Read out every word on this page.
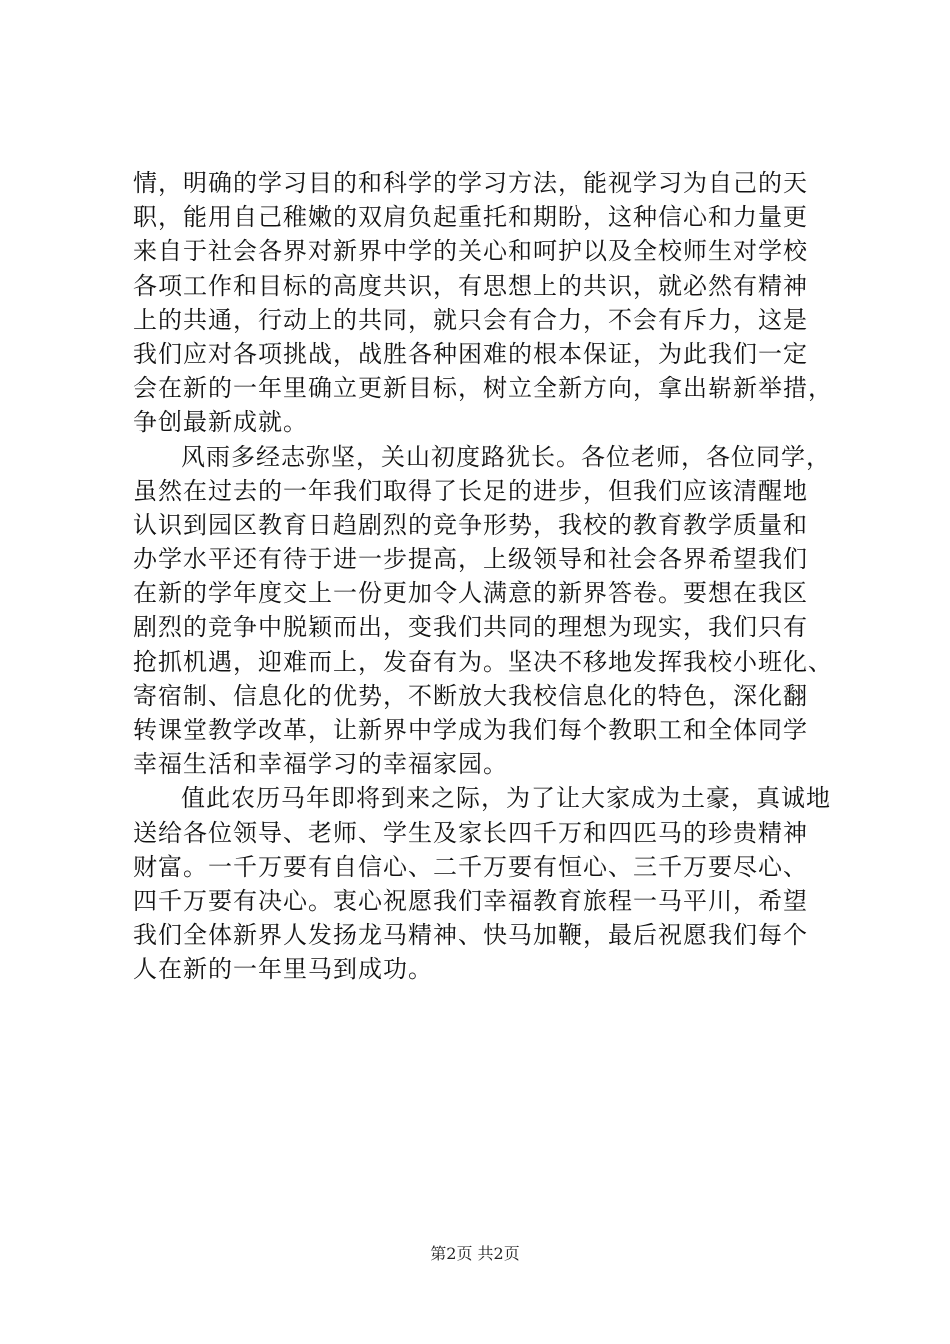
情，明确的学习目的和科学的学习方法，能视学习为自己的天
职，能用自己稚嫩的双肩负起重托和期盼，这种信心和力量更
来自于社会各界对新界中学的关心和呵护以及全校师生对学校
各项工作和目标的高度共识，有思想上的共识，就必然有精神
上的共通，行动上的共同，就只会有合力，不会有斥力，这是
我们应对各项挑战，战胜各种困难的根本保证，为此我们一定
会在新的一年里确立更新目标，树立全新方向，拿出崭新举措，
争创最新成就。
风雨多经志弥坚，关山初度路犹长。各位老师，各位同学，
虽然在过去的一年我们取得了长足的进步，但我们应该清醒地
认识到园区教育日趋剧烈的竞争形势，我校的教育教学质量和
办学水平还有待于进一步提高，上级领导和社会各界希望我们
在新的学年度交上一份更加令人满意的新界答卷。要想在我区
剧烈的竞争中脱颖而出，变我们共同的理想为现实，我们只有
抢抓机遇，迎难而上，发奋有为。坚决不移地发挥我校小班化、
寄宿制、信息化的优势，不断放大我校信息化的特色，深化翻
转课堂教学改革，让新界中学成为我们每个教职工和全体同学
幸福生活和幸福学习的幸福家园。
值此农历马年即将到来之际，为了让大家成为土豪，真诚地
送给各位领导、老师、学生及家长四千万和四匹马的珍贵精神
财富。一千万要有自信心、二千万要有恒心、三千万要尽心、
四千万要有决心。衷心祝愿我们幸福教育旅程一马平川，希望
我们全体新界人发扬龙马精神、快马加鞭，最后祝愿我们每个
人在新的一年里马到成功。
第2页 共2页
